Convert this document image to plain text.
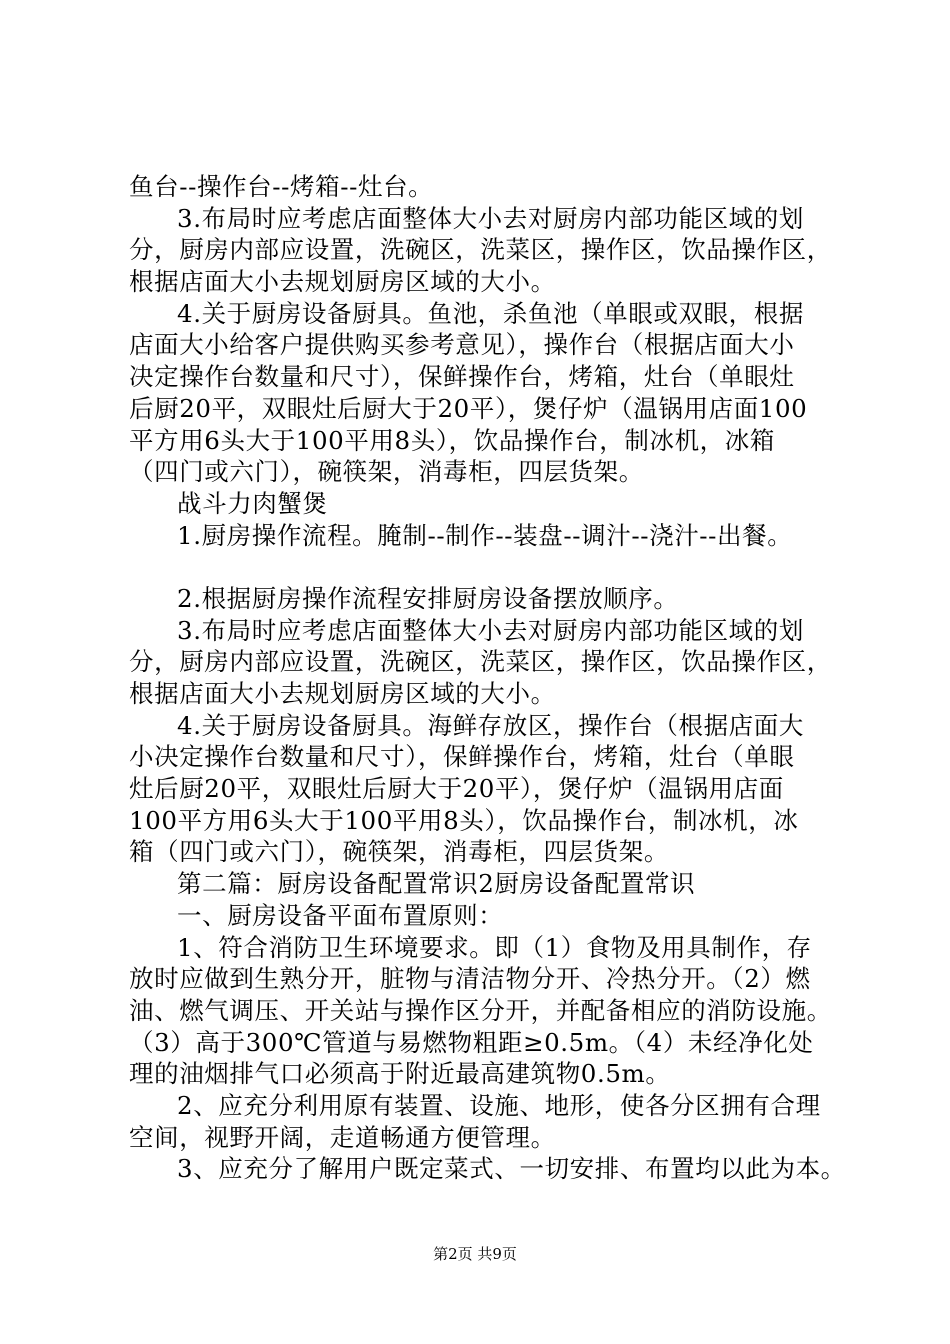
鱼台--操作台--烤箱--灶台。
3.布局时应考虑店面整体大小去对厨房内部功能区域的划
分，厨房内部应设置，洗碗区，洗菜区，操作区，饮品操作区，
根据店面大小去规划厨房区域的大小。
4.关于厨房设备厨具。鱼池，杀鱼池（单眼或双眼，根据
店面大小给客户提供购买参考意见），操作台（根据店面大小
决定操作台数量和尺寸），保鲜操作台，烤箱，灶台（单眼灶
后厨20平，双眼灶后厨大于20平），煲仔炉（温锅用店面100
平方用6头大于100平用8头），饮品操作台，制冰机，冰箱
（四门或六门），碗筷架，消毒柜，四层货架。
战斗力肉蟹煲
1.厨房操作流程。腌制--制作--装盘--调汁--浇汁--出餐。
2.根据厨房操作流程安排厨房设备摆放顺序。
3.布局时应考虑店面整体大小去对厨房内部功能区域的划
分，厨房内部应设置，洗碗区，洗菜区，操作区，饮品操作区，
根据店面大小去规划厨房区域的大小。
4.关于厨房设备厨具。海鲜存放区，操作台（根据店面大
小决定操作台数量和尺寸），保鲜操作台，烤箱，灶台（单眼
灶后厨20平，双眼灶后厨大于20平），煲仔炉（温锅用店面
100平方用6头大于100平用8头），饮品操作台，制冰机，冰
箱（四门或六门），碗筷架，消毒柜，四层货架。
第二篇：厨房设备配置常识2厨房设备配置常识
一、厨房设备平面布置原则：
1、符合消防卫生环境要求。即（1）食物及用具制作，存
放时应做到生熟分开，脏物与清洁物分开、冷热分开。（2）燃
油、燃气调压、开关站与操作区分开，并配备相应的消防设施。
（3）高于300℃管道与易燃物粗距≥0.5m。（4）未经净化处
理的油烟排气口必须高于附近最高建筑物0.5m。
2、应充分利用原有装置、设施、地形，使各分区拥有合理
空间，视野开阔，走道畅通方便管理。
3、应充分了解用户既定菜式、一切安排、布置均以此为本。
第2页 共9页
